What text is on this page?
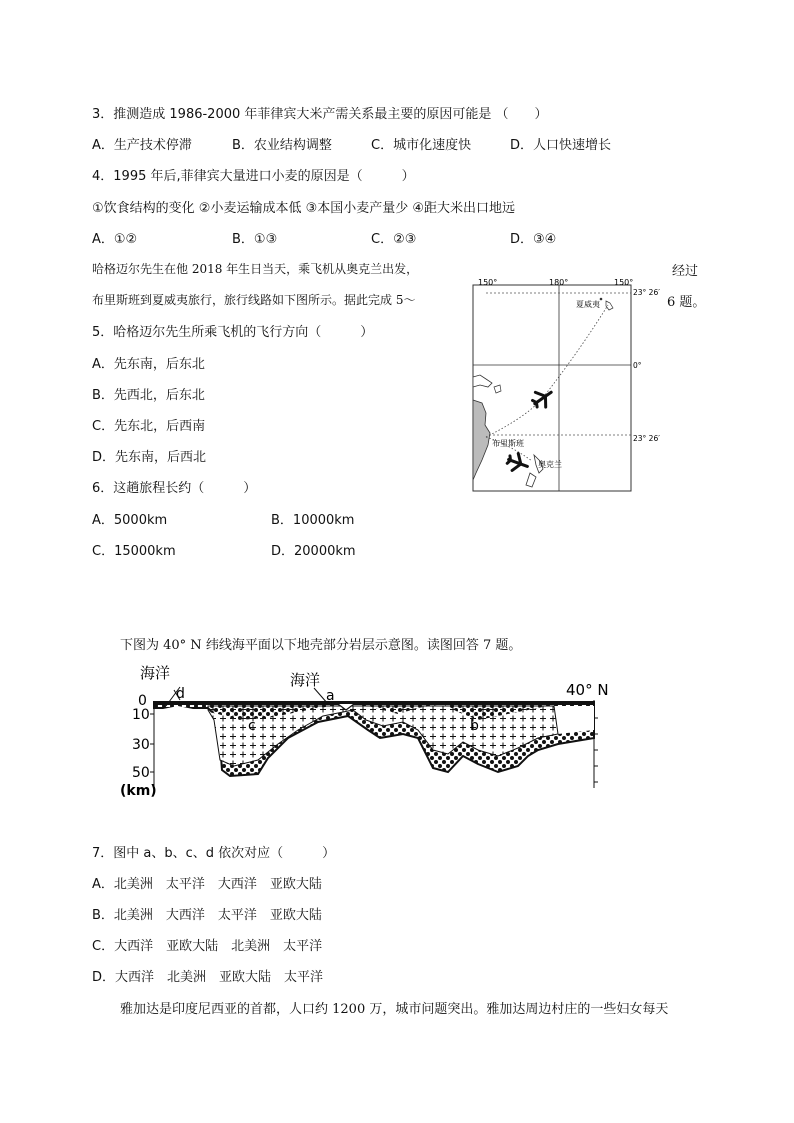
3．推测造成 1986-2000 年菲律宾大米产需关系最主要的原因可能是 （　　）
A．生产技术停滞	B．农业结构调整	C．城市化速度快	D．人口快速增长
4．1995 年后,菲律宾大量进口小麦的原因是（　　　）
①饮食结构的变化 ②小麦运输成本低 ③本国小麦产量少 ④距大米出口地远
A．①②	B．①③	C．②③	D．③④
哈格迈尔先生在他 2018 年生日当天，乘飞机从奥克兰出发，	经过
布里斯班到夏威夷旅行，旅行线路如下图所示。据此完成 5～	6 题。
150°	180°	150°
23° 26′
0°
23° 26′
夏威夷
布里斯班
奥克兰
5．哈格迈尔先生所乘飞机的飞行方向（　　　）
A．先东南，后东北
B．先西北，后东北
C．先东北，后西南
D．先东南，后西北
6．这趟旅程长约（　　　）
A．5000km	B．10000km
C．15000km	D．20000km
下图为 40° N 纬线海平面以下地壳部分岩层示意图。读图回答 7 题。
海洋	海洋
40° N
d	a
c	b
0
10
30
50
(km)
7．图中 a、b、c、d 依次对应（　　　）
A．北美洲　太平洋　大西洋　亚欧大陆
B．北美洲　大西洋　太平洋　亚欧大陆
C．大西洋　亚欧大陆　北美洲　太平洋
D．大西洋　北美洲　亚欧大陆　太平洋
雅加达是印度尼西亚的首都，人口约 1200 万，城市问题突出。雅加达周边村庄的一些妇女每天
